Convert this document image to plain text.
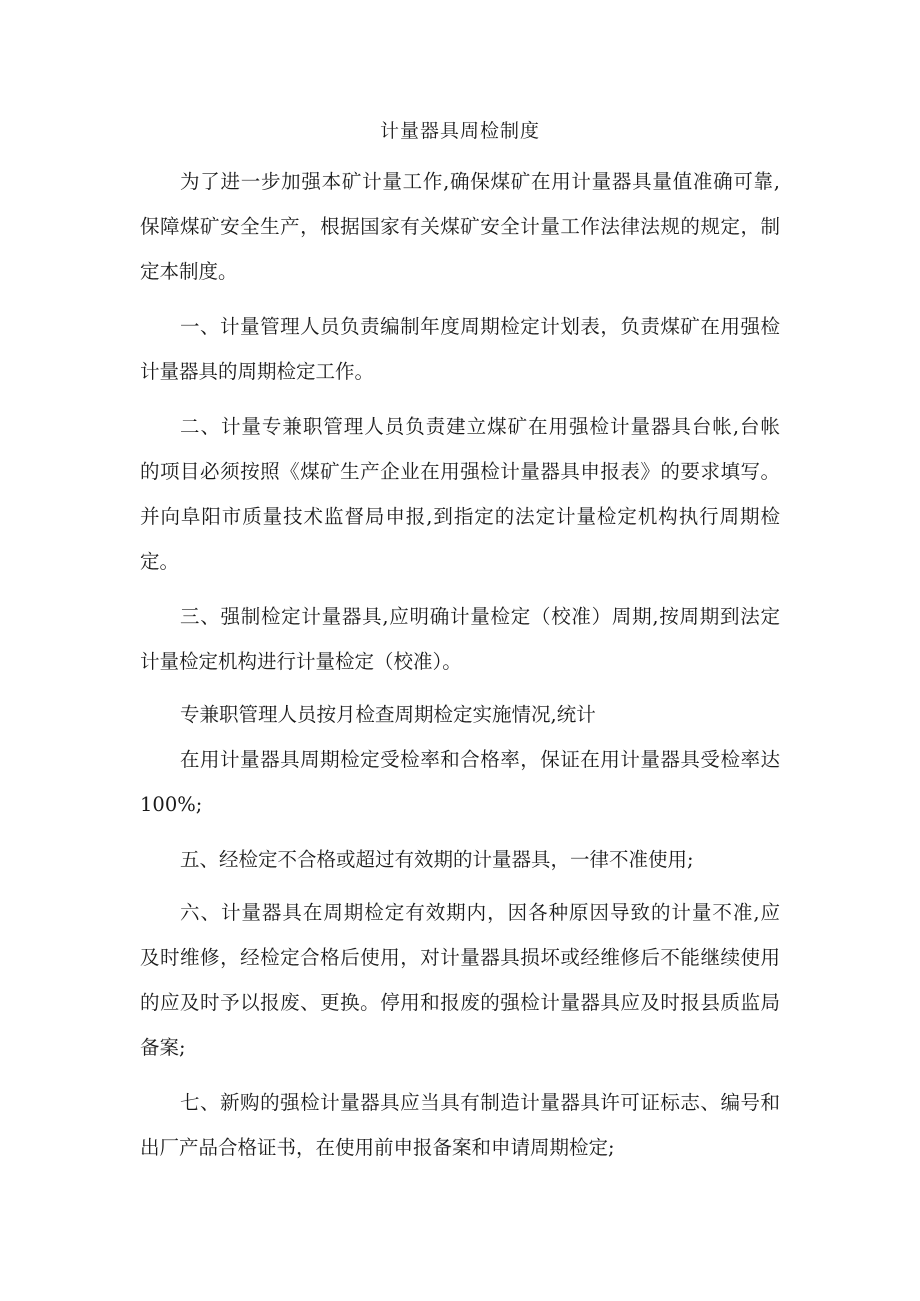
计量器具周检制度
为了进一步加强本矿计量工作,确保煤矿在用计量器具量值准确可靠,
保障煤矿安全生产，根据国家有关煤矿安全计量工作法律法规的规定，制
定本制度。
一、计量管理人员负责编制年度周期检定计划表，负责煤矿在用强检
计量器具的周期检定工作。
二、计量专兼职管理人员负责建立煤矿在用强检计量器具台帐,台帐
的项目必须按照《煤矿生产企业在用强检计量器具申报表》的要求填写。
并向阜阳市质量技术监督局申报,到指定的法定计量检定机构执行周期检
定。
三、强制检定计量器具,应明确计量检定（校准）周期,按周期到法定
计量检定机构进行计量检定（校准）。
专兼职管理人员按月检查周期检定实施情况,统计
在用计量器具周期检定受检率和合格率，保证在用计量器具受检率达
100%;
五、经检定不合格或超过有效期的计量器具，一律不准使用;
六、计量器具在周期检定有效期内，因各种原因导致的计量不准,应
及时维修，经检定合格后使用，对计量器具损坏或经维修后不能继续使用
的应及时予以报废、更换。停用和报废的强检计量器具应及时报县质监局
备案;
七、新购的强检计量器具应当具有制造计量器具许可证标志、编号和
出厂产品合格证书，在使用前申报备案和申请周期检定;
